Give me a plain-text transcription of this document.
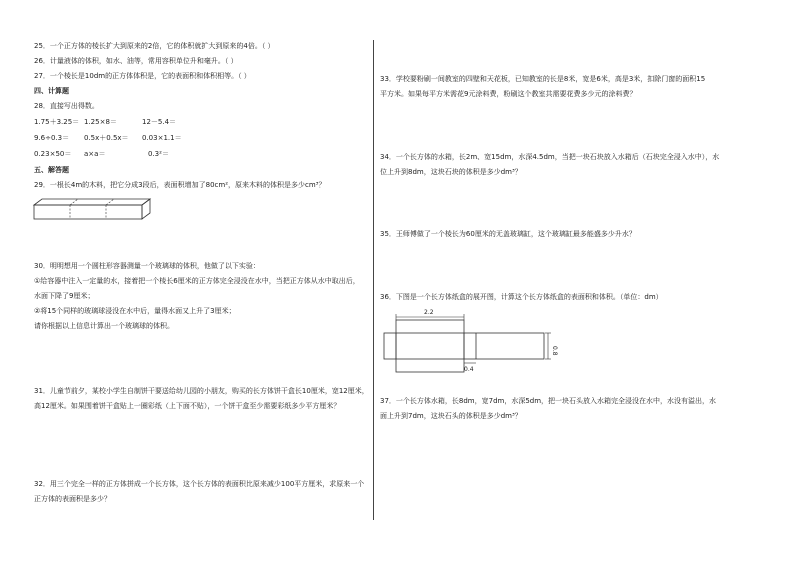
25．一个正方体的棱长扩大到原来的2倍，它的体积就扩大到原来的4倍。（ ）
26．计量液体的体积，如水、油等，常用容积单位升和毫升。（ ）
27．一个棱长是10dm的正方体体积是，它的表面积和体积相等。（ ）
四、计算题
28．直接写出得数。
1.75＋3.25＝ 1.25×8＝	12－5.4＝
9.6÷0.3＝ 0.5x＋0.5x＝ 0.03×1.1＝
0.23×50＝ a×a＝	0.3²＝
五、解答题
29．一根长4m的木料，把它分成3段后，表面积增加了80cm²，原来木料的体积是多少cm³？
30．明明想用一个圆柱形容器测量一个玻璃球的体积，他做了以下实验：
①给容器中注入一定量的水，接着把一个棱长6厘米的正方体完全浸没在水中，当把正方体从水中取出后，
水面下降了9厘米；
②将15个同样的玻璃球浸没在水中后，量得水面又上升了3厘米；
请你根据以上信息计算出一个玻璃球的体积。
31．儿童节前夕，某校小学生自制饼干要送给幼儿园的小朋友，购买的长方体饼干盒长10厘米，宽12厘米，
高12厘米。如果围着饼干盒贴上一圈彩纸（上下面不贴），一个饼干盒至少需要彩纸多少平方厘米？
32．用三个完全一样的正方体拼成一个长方体，这个长方体的表面积比原来减少100平方厘米，求原来一个
正方体的表面积是多少？
33．学校要粉刷一间教室的四壁和天花板，已知教室的长是8米，宽是6米，高是3米，扣除门窗的面积15
平方米。如果每平方米需花9元涂料费，粉刷这个教室共需要花费多少元的涂料费？
34．一个长方体的水箱，长2m、宽15dm，水深4.5dm，当把一块石块放入水箱后（石块完全浸入水中），水
位上升到8dm，这块石块的体积是多少dm³？
35．王师傅做了一个棱长为60厘米的无盖玻璃缸，这个玻璃缸最多能盛多少升水？
36．下图是一个长方体纸盒的展开图，计算这个长方体纸盒的表面积和体积。（单位：dm）
2.2
0.8
0.4
37．一个长方体水箱，长8dm，宽7dm，水深5dm，把一块石头放入水箱完全浸没在水中，水没有溢出，水
面上升到7dm，这块石头的体积是多少dm³？
